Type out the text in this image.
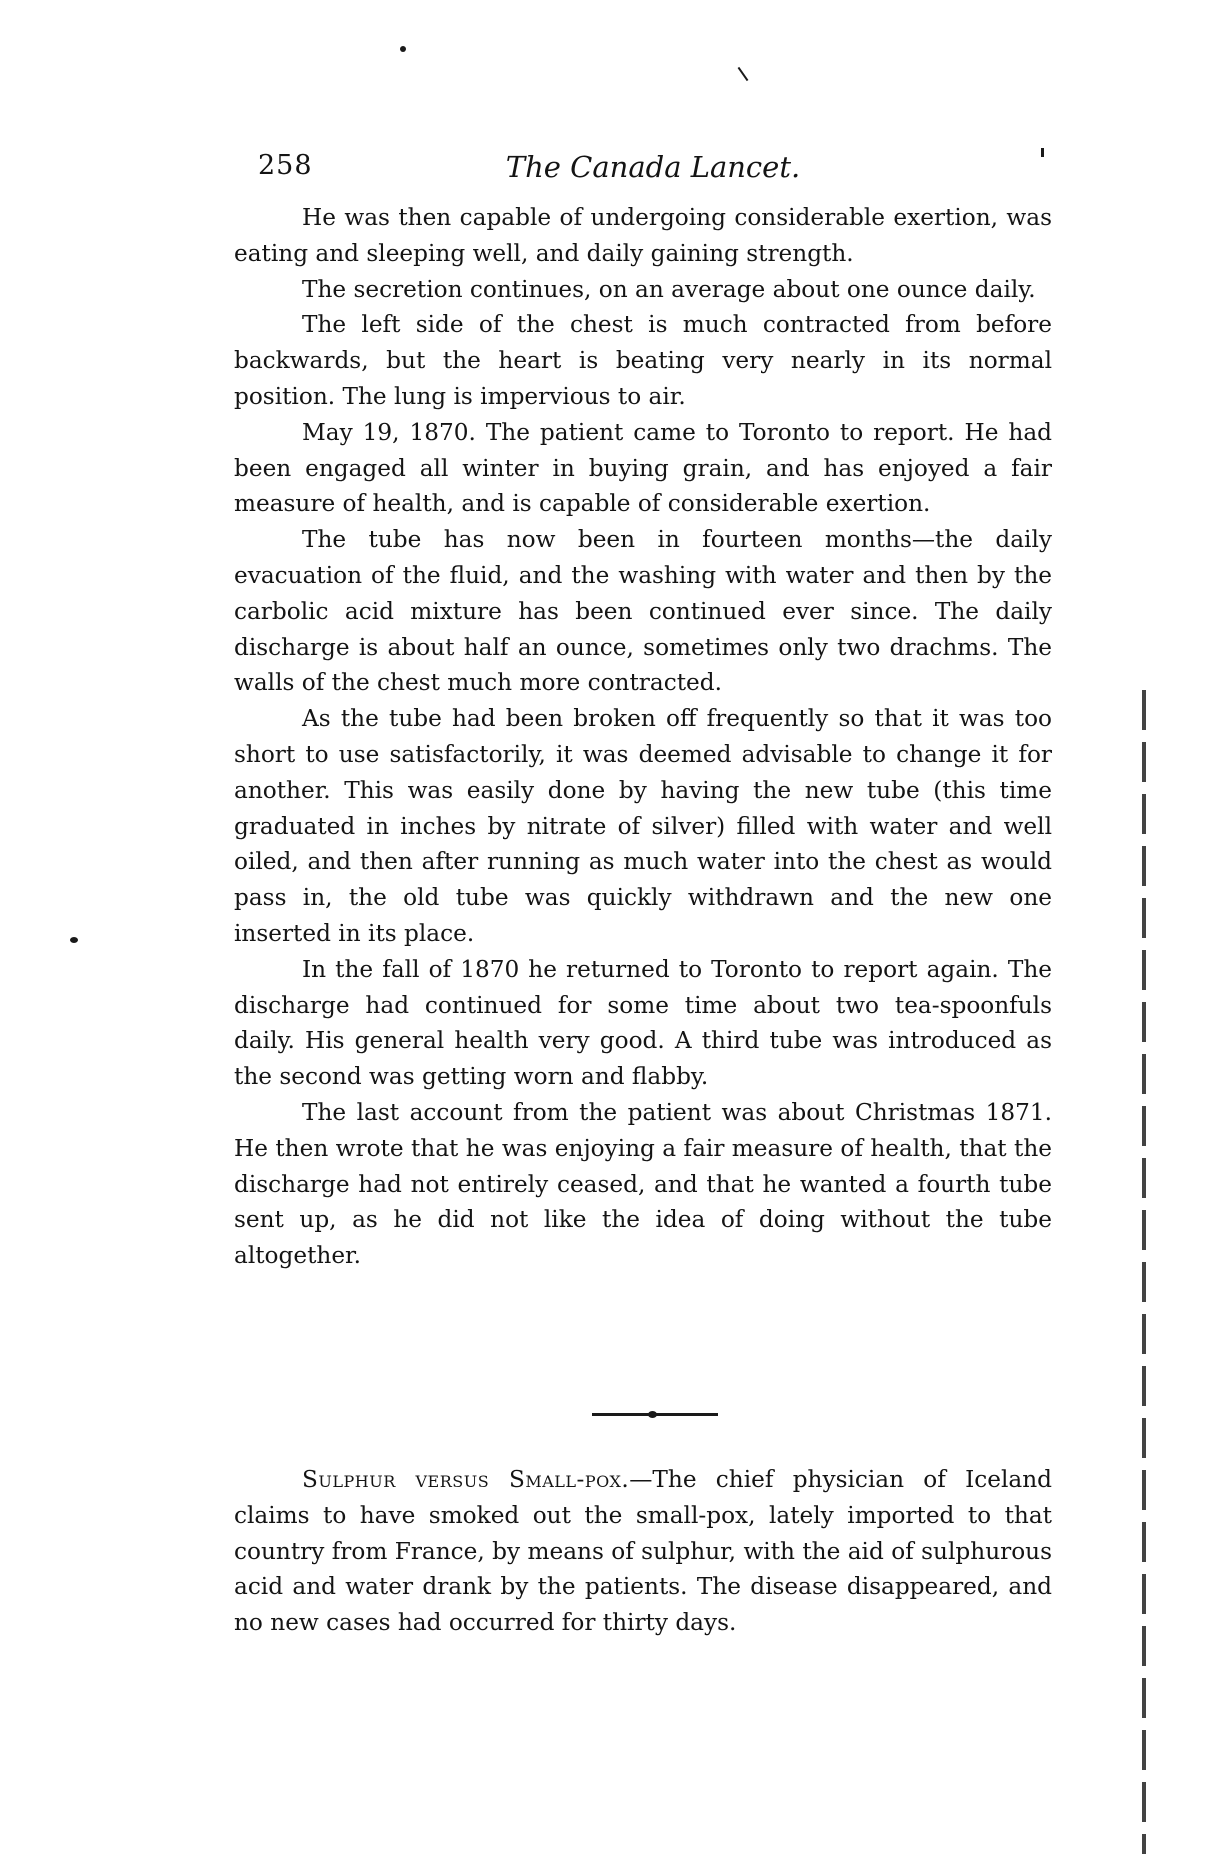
258	The Canada Lancet.

He was then capable of undergoing considerable exertion, was eating and sleeping well, and daily gaining strength.

The secretion continues, on an average about one ounce daily.

The left side of the chest is much contracted from before backwards, but the heart is beating very nearly in its normal position. The lung is impervious to air.

May 19, 1870. The patient came to Toronto to report. He had been engaged all winter in buying grain, and has enjoyed a fair measure of health, and is capable of considerable exertion.

The tube has now been in fourteen months—the daily evacuation of the fluid, and the washing with water and then by the carbolic acid mixture has been continued ever since. The daily discharge is about half an ounce, sometimes only two drachms. The walls of the chest much more contracted.

As the tube had been broken off frequently so that it was too short to use satisfactorily, it was deemed advisable to change it for another. This was easily done by having the new tube (this time graduated in inches by nitrate of silver) filled with water and well oiled, and then after running as much water into the chest as would pass in, the old tube was quickly withdrawn and the new one inserted in its place.

In the fall of 1870 he returned to Toronto to report again. The discharge had continued for some time about two tea-spoonfuls daily. His general health very good. A third tube was introduced as the second was getting worn and flabby.

The last account from the patient was about Christmas 1871. He then wrote that he was enjoying a fair measure of health, that the discharge had not entirely ceased, and that he wanted a fourth tube sent up, as he did not like the idea of doing without the tube altogether.

Sulphur versus Small-pox.—The chief physician of Iceland claims to have smoked out the small-pox, lately imported to that country from France, by means of sulphur, with the aid of sulphurous acid and water drank by the patients. The disease disappeared, and no new cases had occurred for thirty days.
